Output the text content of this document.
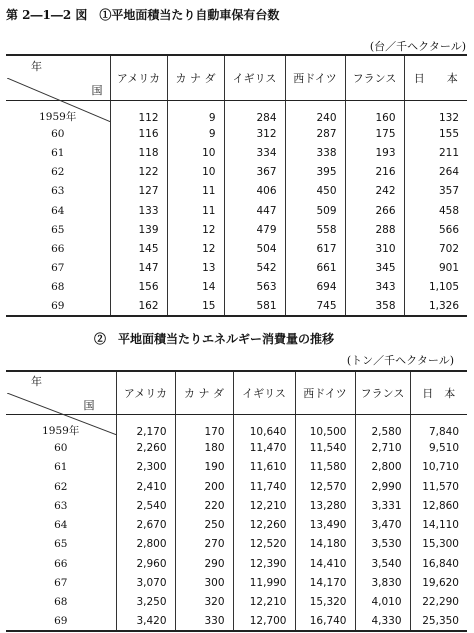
第 2―1―2 図　①平地面積当たり自動車保有台数
(台／千ヘクタール)
国
年	アメリカ	カ ナ ダ	イギリス	西ドイツ	フランス	日　　本
1959年	112	9	284	240	160	132
60	116	9	312	287	175	155
61	118	10	334	338	193	211
62	122	10	367	395	216	264
63	127	11	406	450	242	357
64	133	11	447	509	266	458
65	139	12	479	558	288	566
66	145	12	504	617	310	702
67	147	13	542	661	345	901
68	156	14	563	694	343	1,105
69	162	15	581	745	358	1,326
②　平地面積当たりエネルギー消費量の推移
(トン／千ヘクタール)
国
年	アメリカ	カ ナ ダ	イギリス	西ドイツ	フランス	日　本
1959年	2,170	170	10,640	10,500	2,580	7,840
60	2,260	180	11,470	11,540	2,710	9,510
61	2,300	190	11,610	11,580	2,800	10,710
62	2,410	200	11,740	12,570	2,990	11,570
63	2,540	220	12,210	13,280	3,331	12,860
64	2,670	250	12,260	13,490	3,470	14,110
65	2,800	270	12,520	14,180	3,530	15,300
66	2,960	290	12,390	14,410	3,540	16,840
67	3,070	300	11,990	14,170	3,830	19,620
68	3,250	320	12,210	15,320	4,010	22,290
69	3,420	330	12,700	16,740	4,330	25,350
